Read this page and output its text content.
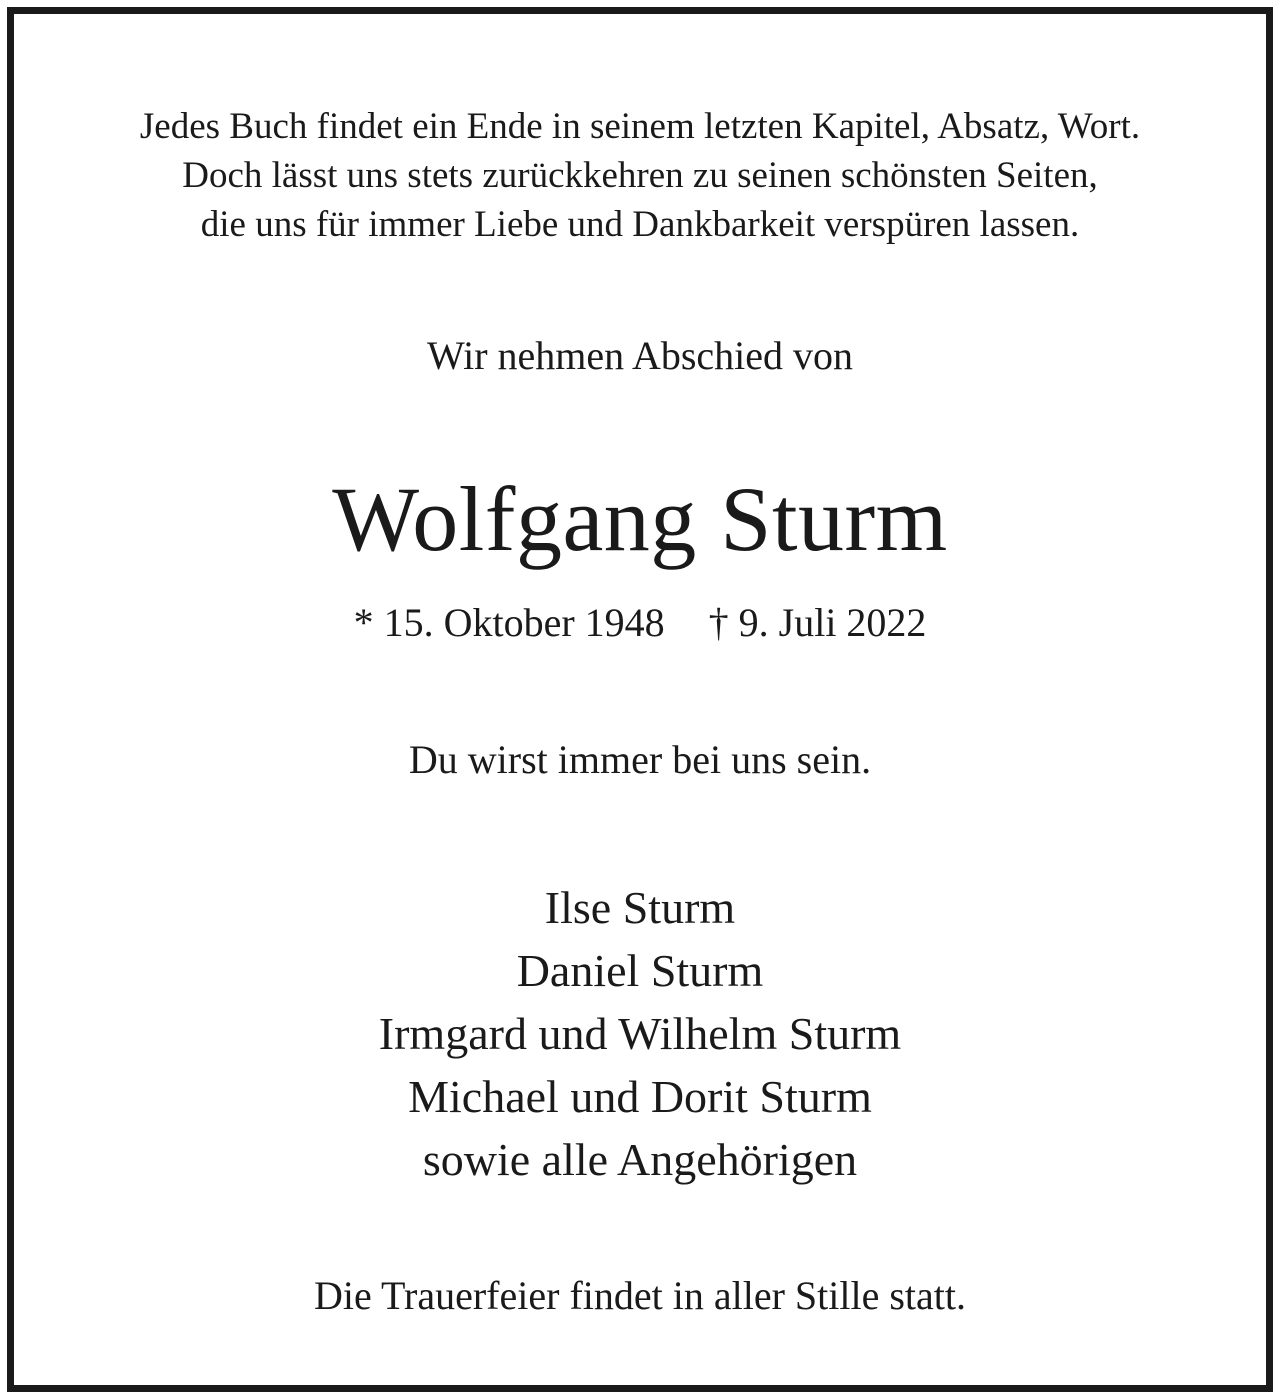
Jedes Buch findet ein Ende in seinem letzten Kapitel, Absatz, Wort.
Doch lässt uns stets zurückkehren zu seinen schönsten Seiten,
die uns für immer Liebe und Dankbarkeit verspüren lassen.

Wir nehmen Abschied von

Wolfgang Sturm

* 15. Oktober 1948 † 9. Juli 2022

Du wirst immer bei uns sein.

Ilse Sturm
Daniel Sturm
Irmgard und Wilhelm Sturm
Michael und Dorit Sturm
sowie alle Angehörigen

Die Trauerfeier findet in aller Stille statt.
